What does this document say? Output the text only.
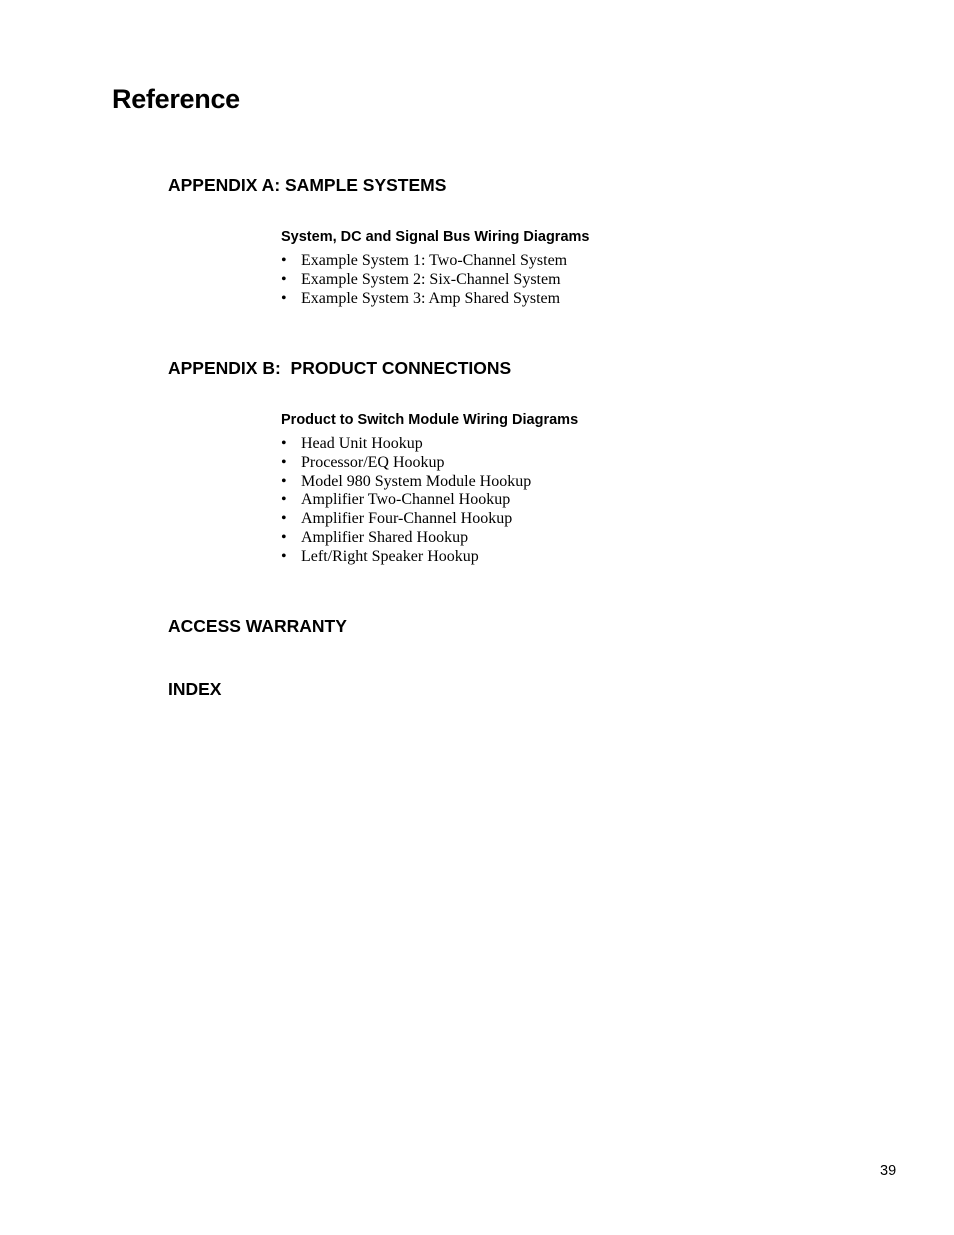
Reference
APPENDIX A: SAMPLE SYSTEMS
System, DC and Signal Bus Wiring Diagrams
• Example System 1: Two-Channel System
• Example System 2: Six-Channel System
• Example System 3: Amp Shared System
APPENDIX B:  PRODUCT CONNECTIONS
Product to Switch Module Wiring Diagrams
• Head Unit Hookup
• Processor/EQ Hookup
• Model 980 System Module Hookup
• Amplifier Two-Channel Hookup
• Amplifier Four-Channel Hookup
• Amplifier Shared Hookup
• Left/Right Speaker Hookup
ACCESS WARRANTY
INDEX
39
